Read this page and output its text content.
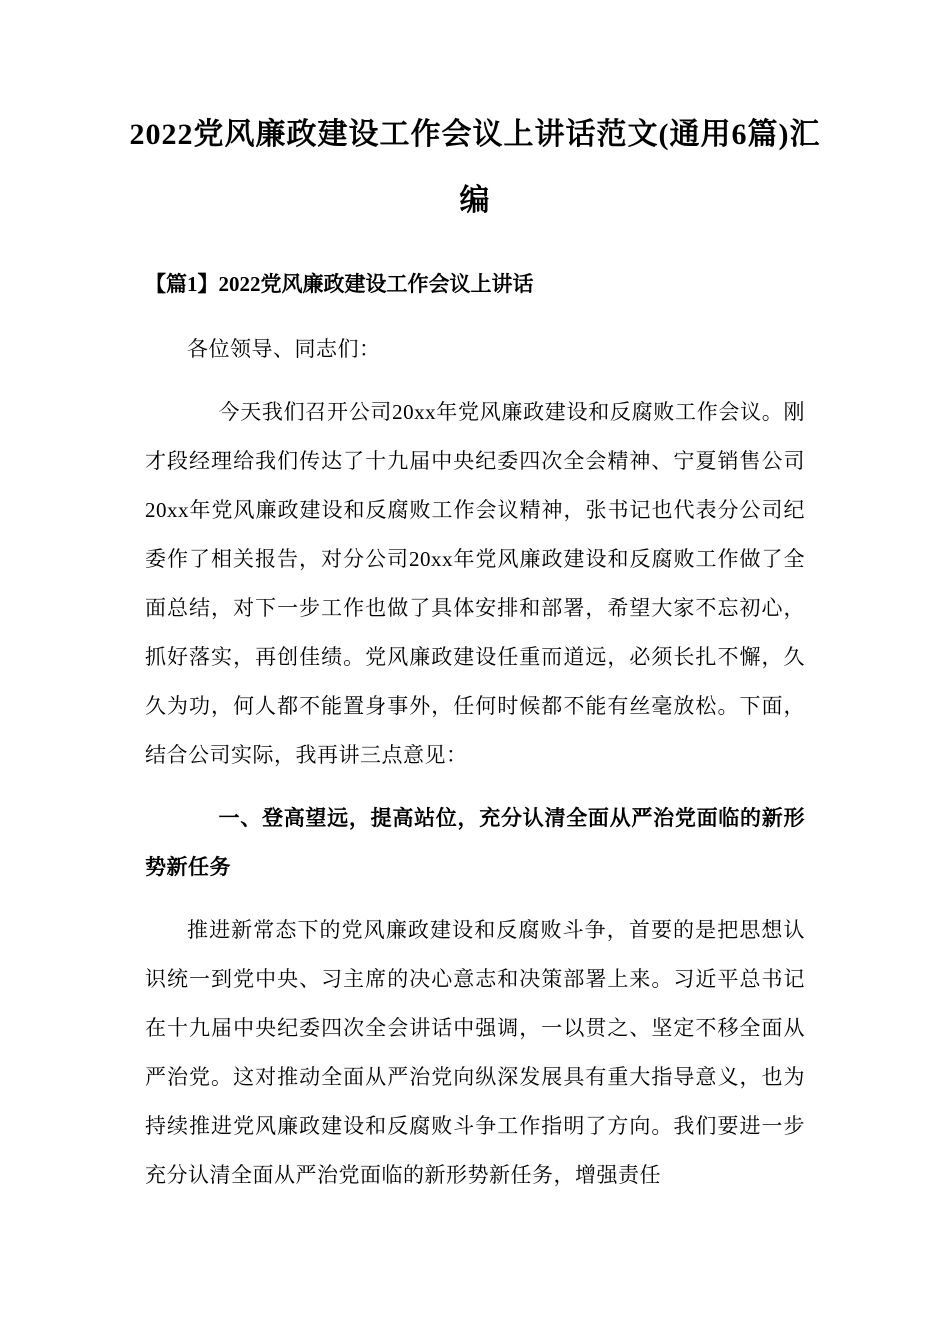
2022党风廉政建设工作会议上讲话范文(通用6篇)汇编
【篇1】2022党风廉政建设工作会议上讲话

各位领导、同志们：

今天我们召开公司20xx年党风廉政建设和反腐败工作会议。刚才段经理给我们传达了十九届中央纪委四次全会精神、宁夏销售公司20xx年党风廉政建设和反腐败工作会议精神，张书记也代表分公司纪委作了相关报告，对分公司20xx年党风廉政建设和反腐败工作做了全面总结，对下一步工作也做了具体安排和部署，希望大家不忘初心，抓好落实，再创佳绩。党风廉政建设任重而道远，必须长扎不懈，久久为功，何人都不能置身事外，任何时候都不能有丝毫放松。下面，结合公司实际，我再讲三点意见：

一、登高望远，提高站位，充分认清全面从严治党面临的新形势新任务

推进新常态下的党风廉政建设和反腐败斗争，首要的是把思想认识统一到党中央、习主席的决心意志和决策部署上来。习近平总书记在十九届中央纪委四次全会讲话中强调，一以贯之、坚定不移全面从严治党。这对推动全面从严治党向纵深发展具有重大指导意义，也为持续推进党风廉政建设和反腐败斗争工作指明了方向。我们要进一步充分认清全面从严治党面临的新形势新任务，增强责任
